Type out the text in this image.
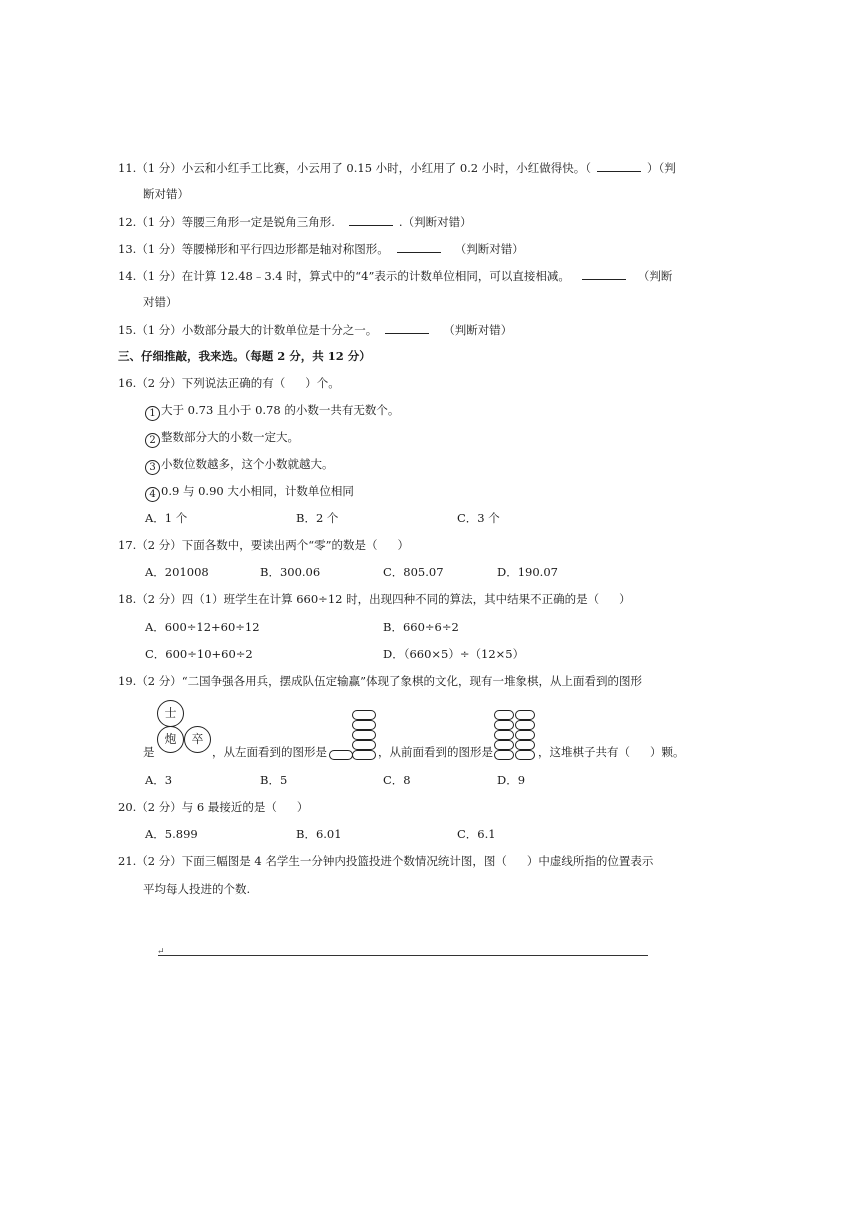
11.（1 分）小云和小红手工比赛，小云用了 0.15 小时，小红用了 0.2 小时，小红做得快。（	）（判
断对错）
12.（1 分）等腰三角形一定是锐角三角形.	.（判断对错）
13.（1 分）等腰梯形和平行四边形都是轴对称图形。	（判断对错）
14.（1 分）在计算 12.48﹣3.4 时，算式中的“4”表示的计数单位相同，可以直接相减。	（判断
对错）
15.（1 分）小数部分最大的计数单位是十分之一。	（判断对错）
三、仔细推敲，我来选。（每题 2 分，共 12 分）
16.（2 分）下列说法正确的有（ ）个。
1 大于 0.73 且小于 0.78 的小数一共有无数个。
2 整数部分大的小数一定大。
3 小数位数越多，这个小数就越大。
4 0.9 与 0.90 大小相同，计数单位相同
A．1 个	B．2 个	C．3 个
17.（2 分）下面各数中，要读出两个“零”的数是（ ）
A．201008	B．300.06	C．805.07	D．190.07
18.（2 分）四（1）班学生在计算 660÷12 时，出现四种不同的算法，其中结果不正确的是（ ）
A．600÷12+60÷12	B．660÷6÷2
C．600÷10+60÷2	D．（660×5）÷（12×5）
19.（2 分）“二国争强各用兵，摆成队伍定输赢”体现了象棋的文化，现有一堆象棋，从上面看到的图形
士
炮	卒
是	，从左面看到的图形是	，从前面看到的图形是	，这堆棋子共有（ ）颗。
A．3	B．5	C．8	D．9
20.（2 分）与 6 最接近的是（ ）
A．5.899	B．6.01	C．6.1
21.（2 分）下面三幅图是 4 名学生一分钟内投篮投进个数情况统计图，图（ ）中虚线所指的位置表示
平均每人投进的个数.
↵
